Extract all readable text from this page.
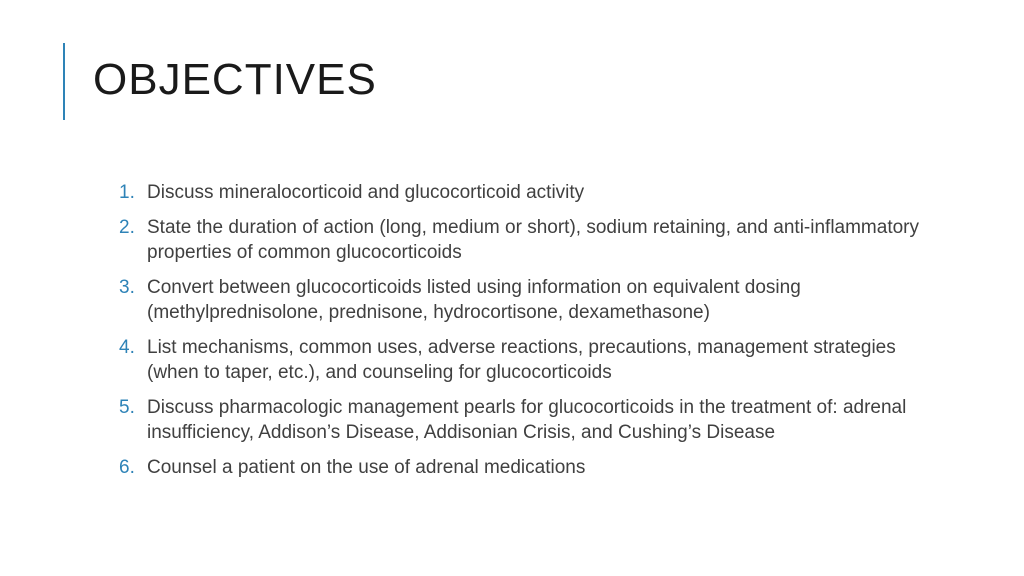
OBJECTIVES
1. Discuss mineralocorticoid and glucocorticoid activity
2. State the duration of action (long, medium or short), sodium retaining, and anti-inflammatory properties of common glucocorticoids
3. Convert between glucocorticoids listed using information on equivalent dosing (methylprednisolone, prednisone, hydrocortisone, dexamethasone)
4. List mechanisms, common uses, adverse reactions, precautions, management strategies (when to taper, etc.), and counseling for glucocorticoids
5. Discuss pharmacologic management pearls for glucocorticoids in the treatment of: adrenal insufficiency, Addison’s Disease, Addisonian Crisis, and Cushing’s Disease
6. Counsel a patient on the use of adrenal medications
